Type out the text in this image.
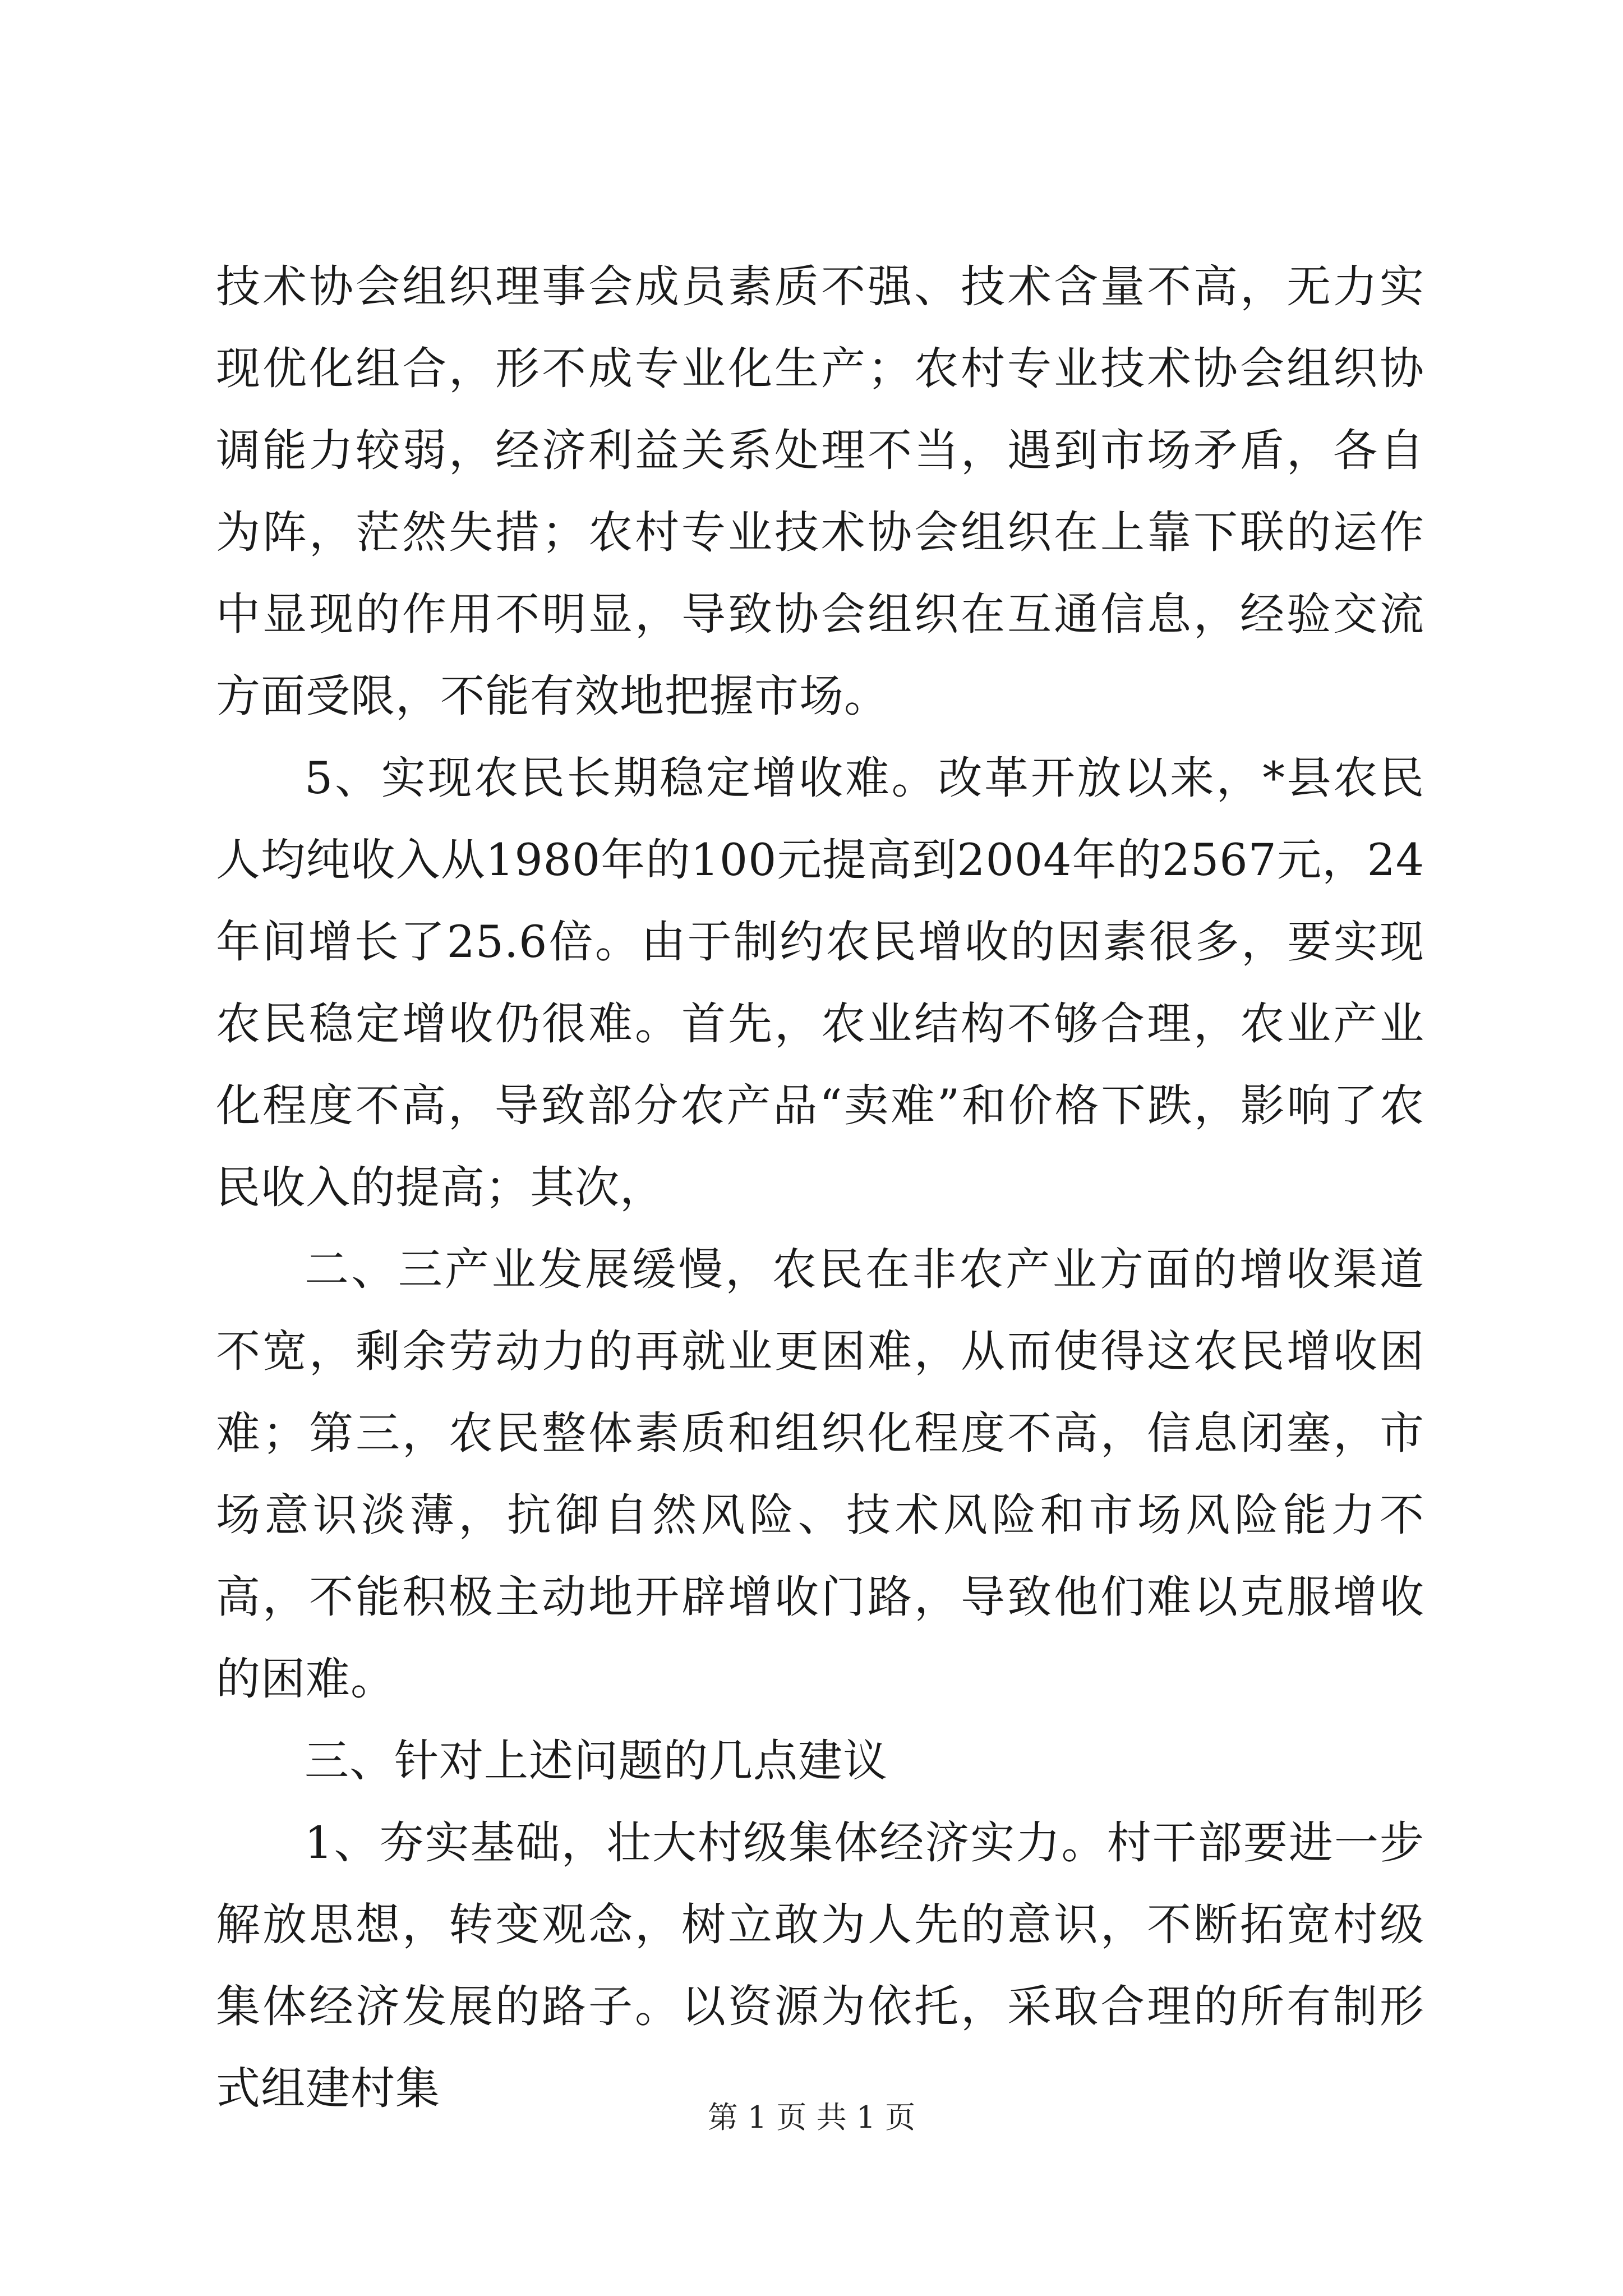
技术协会组织理事会成员素质不强、技术含量不高，无力实现优化组合，形不成专业化生产；农村专业技术协会组织协调能力较弱，经济利益关系处理不当，遇到市场矛盾，各自为阵，茫然失措；农村专业技术协会组织在上靠下联的运作中显现的作用不明显，导致协会组织在互通信息，经验交流方面受限，不能有效地把握市场。

5、实现农民长期稳定增收难。改革开放以来，*县农民人均纯收入从1980年的100元提高到2004年的2567元，24年间增长了25.6倍。由于制约农民增收的因素很多，要实现农民稳定增收仍很难。首先，农业结构不够合理，农业产业化程度不高，导致部分农产品“卖难”和价格下跌，影响了农民收入的提高；其次，

二、三产业发展缓慢，农民在非农产业方面的增收渠道不宽，剩余劳动力的再就业更困难，从而使得这农民增收困难；第三，农民整体素质和组织化程度不高，信息闭塞，市场意识淡薄，抗御自然风险、技术风险和市场风险能力不高，不能积极主动地开辟增收门路，导致他们难以克服增收的困难。

三、针对上述问题的几点建议

1、夯实基础，壮大村级集体经济实力。村干部要进一步解放思想，转变观念，树立敢为人先的意识，不断拓宽村级集体经济发展的路子。以资源为依托，采取合理的所有制形式组建村集

第 1 页 共 1 页
